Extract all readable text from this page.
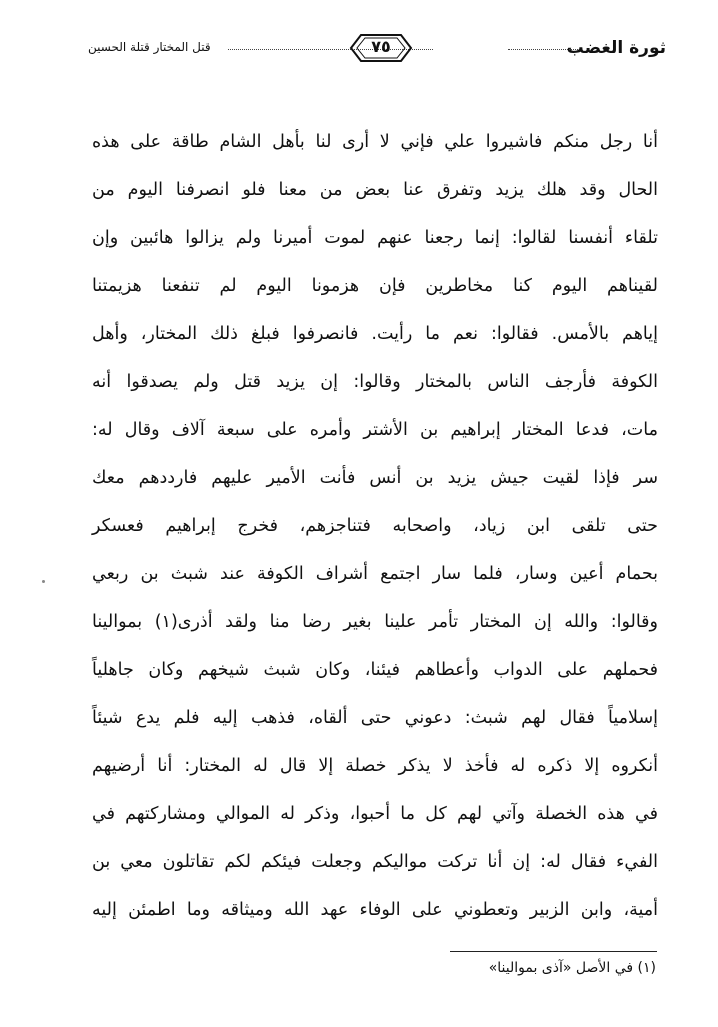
ثورة الغضب
قتل المختار قتلة الحسين	٧٥
أنا رجل منكم فاشيروا علي فإني لا أرى لنا بأهل الشام طاقة على هذه
الحال وقد هلك يزيد وتفرق عنا بعض من معنا فلو انصرفنا اليوم من
تلقاء أنفسنا لقالوا: إنما رجعنا عنهم لموت أميرنا ولم يزالوا هائبين وإن
لقيناهم اليوم كنا مخاطرين فإن هزمونا اليوم لم تنفعنا هزيمتنا
إياهم بالأمس. فقالوا: نعم ما رأيت. فانصرفوا فبلغ ذلك المختار، وأهل
الكوفة فأرجف الناس بالمختار وقالوا: إن يزيد قتل ولم يصدقوا أنه
مات، فدعا المختار إبراهيم بن الأشتر وأمره على سبعة آلاف وقال له:
سر فإذا لقيت جيش يزيد بن أنس فأنت الأمير عليهم فارددهم معك
حتى تلقى ابن زياد، واصحابه فتناجزهم، فخرج إبراهيم فعسكر
بحمام أعين وسار، فلما سار اجتمع أشراف الكوفة عند شبث بن ربعي
وقالوا: والله إن المختار تأمر علينا بغير رضا منا ولقد أذرى(١) بموالينا
فحملهم على الدواب وأعطاهم فيئنا، وكان شبث شيخهم وكان جاهلياً
إسلامياً فقال لهم شبث: دعوني حتى ألقاه، فذهب إليه فلم يدع شيئاً
أنكروه إلا ذكره له فأخذ لا يذكر خصلة إلا قال له المختار: أنا أرضيهم
في هذه الخصلة وآتي لهم كل ما أحبوا، وذكر له الموالي ومشاركتهم في
الفيء فقال له: إن أنا تركت مواليكم وجعلت فيئكم لكم تقاتلون معي بن
أمية، وابن الزبير وتعطوني على الوفاء عهد الله وميثاقه وما اطمئن إليه
(١) في الأصل «آذى بموالينا»
